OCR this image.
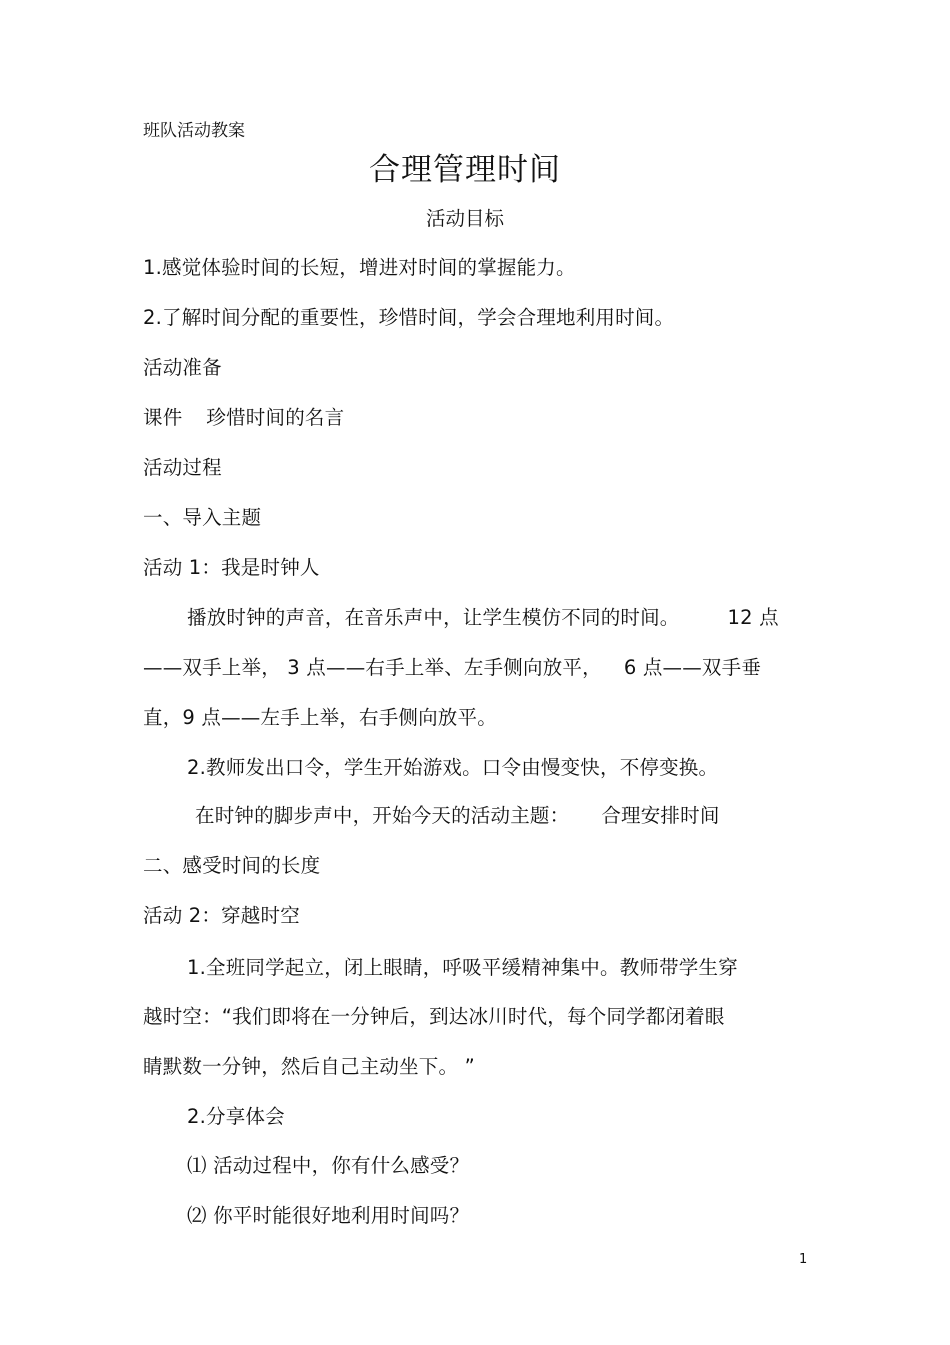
班队活动教案
合理管理时间
活动目标
1.感觉体验时间的长短，增进对时间的掌握能力。
2.了解时间分配的重要性，珍惜时间，学会合理地利用时间。
活动准备
课件 珍惜时间的名言
活动过程
一、导入主题
活动 1：我是时钟人
播放时钟的声音，在音乐声中，让学生模仿不同的时间。 12 点
——双手上举， 3 点——右手上举、左手侧向放平， 6 点——双手垂
直，9 点——左手上举，右手侧向放平。
2.教师发出口令，学生开始游戏。口令由慢变快，不停变换。
在时钟的脚步声中，开始今天的活动主题： 合理安排时间
二、感受时间的长度
活动 2：穿越时空
1.全班同学起立，闭上眼睛，呼吸平缓精神集中。教师带学生穿
越时空：“我们即将在一分钟后，到达冰川时代，每个同学都闭着眼
睛默数一分钟，然后自己主动坐下。 ”
2.分享体会
⑴ 活动过程中，你有什么感受？
⑵ 你平时能很好地利用时间吗？
1
